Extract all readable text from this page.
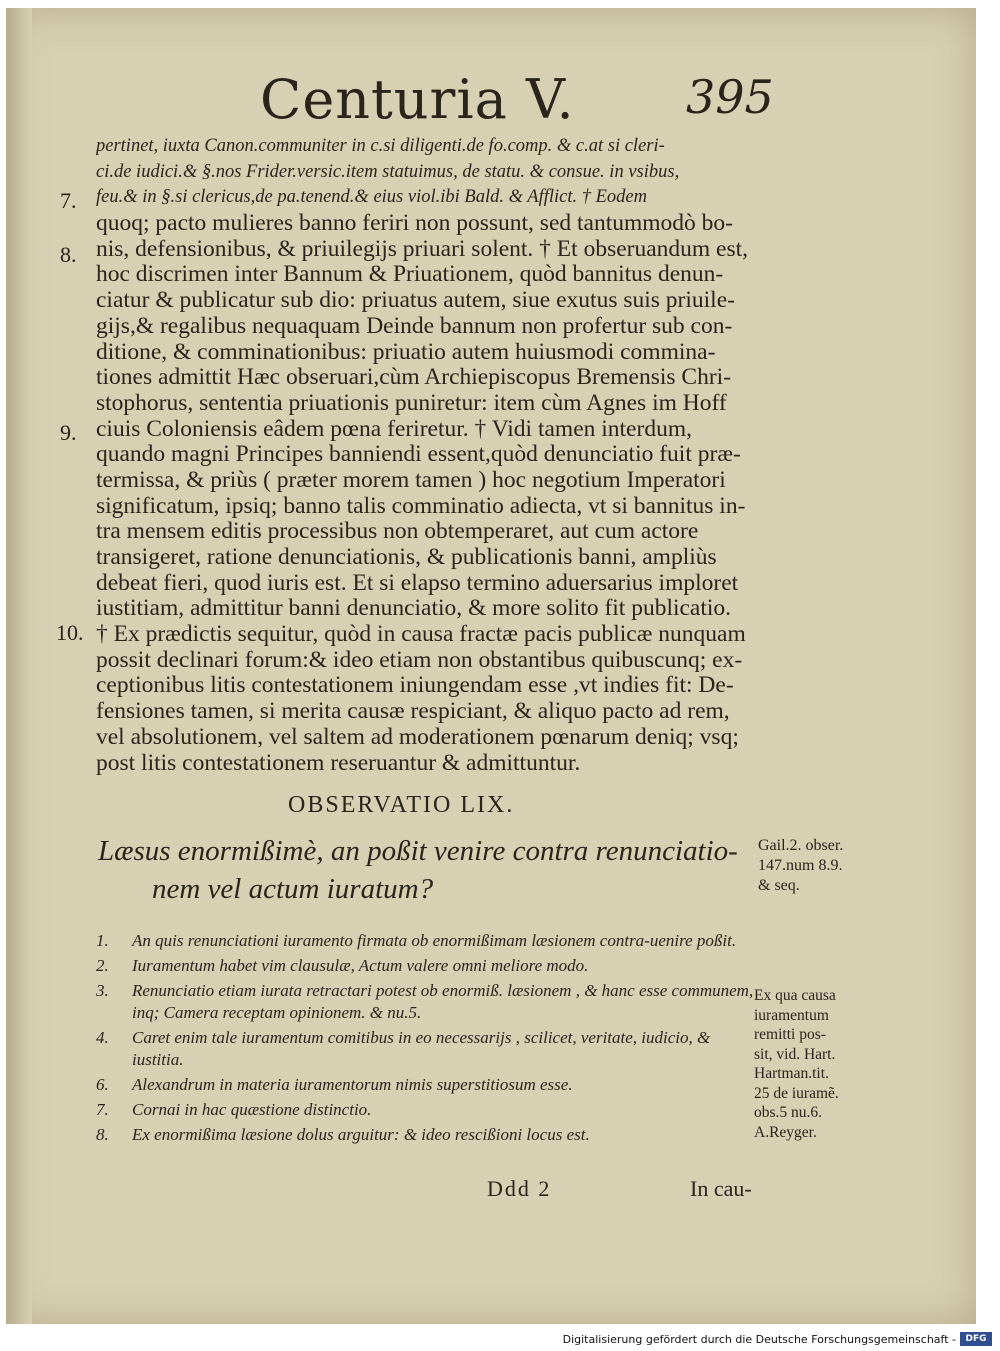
Centuria V. 395
pertinet, iuxta Canon.communiter in c.si diligenti.de fo.comp. & c.at si cleri-
ci.de iudici.& §.nos Frider.versic.item statuimus, de statu. & consue. in vsibus,
feu.& in §.si clericus,de pa.tenend.& eius viol.ibi Bald. & Afflict. † Eodem
quoq; pacto mulieres banno feriri non possunt, sed tantummodò bo-
nis, defensionibus, & priuilegijs priuari solent. † Et obseruandum est,
hoc discrimen inter Bannum & Priuationem, quòd bannitus denun-
ciatur & publicatur sub dio: priuatus autem, siue exutus suis priuile-
gijs,& regalibus nequaquam Deinde bannum non profertur sub con-
ditione, & comminationibus: priuatio autem huiusmodi commina-
tiones admittit Hæc obseruari,cùm Archiepiscopus Bremensis Chri-
stophorus, sententia priuationis puniretur: item cùm Agnes im Hoff
ciuis Coloniensis eâdem pœna feriretur. † Vidi tamen interdum,
quando magni Principes banniendi essent,quòd denunciatio fuit præ-
termissa, & priùs ( præter morem tamen ) hoc negotium Imperatori
significatum, ipsiq; banno talis comminatio adiecta, vt si bannitus in-
tra mensem editis processibus non obtemperaret, aut cum actore
transigeret, ratione denunciationis, & publicationis banni, ampliùs
debeat fieri, quod iuris est. Et si elapso termino aduersarius imploret
iustitiam, admittitur banni denunciatio, & more solito fit publicatio.
† Ex prædictis sequitur, quòd in causa fractæ pacis publicæ nunquam
possit declinari forum:& ideo etiam non obstantibus quibuscunq; ex-
ceptionibus litis contestationem iniungendam esse ,vt indies fit: De-
fensiones tamen, si merita causæ respiciant, & aliquo pacto ad rem,
vel absolutionem, vel saltem ad moderationem pœnarum deniq; vsq;
post litis contestationem reseruantur & admittuntur.
7.
8.
9.
10.
OBSERVATIO LIX.
Læsus enormißimè, an poßit venire contra renunciatio-
nem vel actum iuratum?
Gail.2. obser.
147.num 8.9.
& seq.
1. An quis renunciationi iuramento firmata ob enormißimam læsionem contra-uenire poßit.
2. Iuramentum habet vim clausulæ, Actum valere omni meliore modo.
3. Renunciatio etiam iurata retractari potest ob enormiß. læsionem , & hanc esse communem, inq; Camera receptam opinionem. & nu.5.
4. Caret enim tale iuramentum comitibus in eo necessarijs , scilicet, veritate, iudicio, & iustitia.
6. Alexandrum in materia iuramentorum nimis superstitiosum esse.
7. Cornai in hac quæstione distinctio.
8. Ex enormißima læsione dolus arguitur: & ideo rescißioni locus est.
Ex qua causa
iuramentum
remitti pos-
sit, vid. Hart.
Hartman.tit.
25 de iuramẽ.
obs.5 nu.6.
A.Reyger.
Ddd 2	In cau-
Digitalisierung gefördert durch die Deutsche Forschungsgemeinschaft -	DFG
